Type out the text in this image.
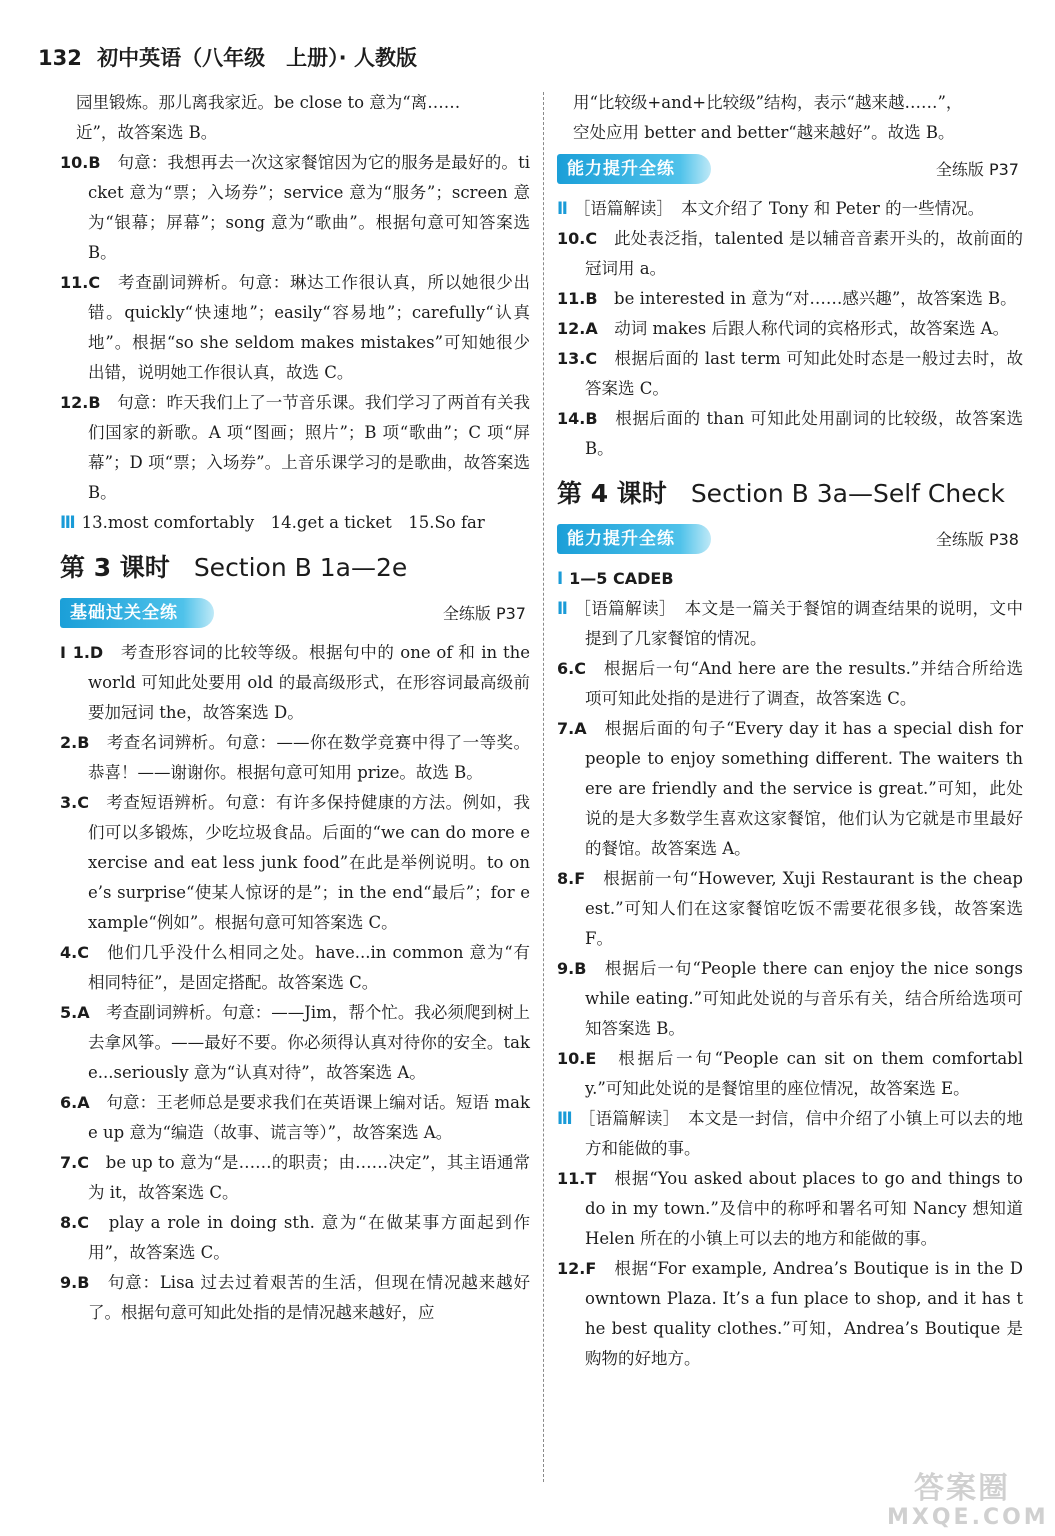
132 初中英语（八年级　上册）· 人教版

园里锻炼。那儿离我家近。be close to 意为“离……

近”，故答案选 B。

10.B　 句意：我想再去一次这家餐馆因为它的服务是最好的。ticket 意为“票；入场券”；service 意为“服务”；screen 意为“银幕；屏幕”；song 意为“歌曲”。根据句意可知答案选 B。

11.C　 考查副词辨析。句意：琳达工作很认真，所以她很少出错。quickly“快速地”；easily“容易地”；carefully“认真地”。根据“so she seldom makes mistakes”可知她很少出错，说明她工作很认真，故选 C。

12.B　 句意：昨天我们上了一节音乐课。我们学习了两首有关我们国家的新歌。A 项“图画；照片”；B 项“歌曲”；C 项“屏幕”；D 项“票；入场券”。上音乐课学习的是歌曲，故答案选 B。

Ⅲ 13.most comfortably　14.get a ticket　15.So far

第 3 课时 Section B 1a—2e
基础过关全练	全练版 P37

Ⅰ 1.D　 考查形容词的比较等级。根据句中的 one of 和 in the world 可知此处要用 old 的最高级形式，在形容词最高级前要加冠词 the，故答案选 D。

2.B　 考查名词辨析。句意：——你在数学竞赛中得了一等奖。恭喜！——谢谢你。根据句意可知用 prize。故选 B。

3.C　 考查短语辨析。句意：有许多保持健康的方法。例如，我们可以多锻炼，少吃垃圾食品。后面的“we can do more exercise and eat less junk food”在此是举例说明。to one’s surprise“使某人惊讶的是”；in the end“最后”；for example“例如”。根据句意可知答案选 C。

4.C　 他们几乎没什么相同之处。have...in common 意为“有相同特征”，是固定搭配。故答案选 C。

5.A　 考查副词辨析。句意：——Jim，帮个忙。我必须爬到树上去拿风筝。——最好不要。你必须得认真对待你的安全。take...seriously 意为“认真对待”，故答案选 A。

6.A　 句意：王老师总是要求我们在英语课上编对话。短语 make up 意为“编造（故事、谎言等）”，故答案选 A。

7.C　 be up to 意为“是……的职责；由……决定”，其主语通常为 it，故答案选 C。

8.C　 play a role in doing sth. 意为“在做某事方面起到作用”，故答案选 C。

9.B　 句意：Lisa 过去过着艰苦的生活，但现在情况越来越好了。根据句意可知此处指的是情况越来越好，应

用“比较级+and+比较级”结构，表示“越来越……”，

空处应用 better and better“越来越好”。故选 B。

能力提升全练	全练版 P37

Ⅱ ［语篇解读］　本文介绍了 Tony 和 Peter 的一些情况。

10.C　 此处表泛指，talented 是以辅音音素开头的，故前面的冠词用 a。

11.B　 be interested in 意为“对……感兴趣”，故答案选 B。

12.A　 动词 makes 后跟人称代词的宾格形式，故答案选 A。

13.C　 根据后面的 last term 可知此处时态是一般过去时，故答案选 C。

14.B　 根据后面的 than 可知此处用副词的比较级，故答案选 B。

第 4 课时 Section B 3a—Self Check
能力提升全练	全练版 P38

Ⅰ 1—5 CADEB

Ⅱ ［语篇解读］　本文是一篇关于餐馆的调查结果的说明，文中提到了几家餐馆的情况。

6.C　 根据后一句“And here are the results.”并结合所给选项可知此处指的是进行了调查，故答案选 C。

7.A　 根据后面的句子“Every day it has a special dish for people to enjoy something different. The waiters there are friendly and the service is great.”可知，此处说的是大多数学生喜欢这家餐馆，他们认为它就是市里最好的餐馆。故答案选 A。

8.F　 根据前一句“However, Xuji Restaurant is the cheapest.”可知人们在这家餐馆吃饭不需要花很多钱，故答案选 F。

9.B　 根据后一句“People there can enjoy the nice songs while eating.”可知此处说的与音乐有关，结合所给选项可知答案选 B。

10.E　 根据后一句“People can sit on them comfortably.”可知此处说的是餐馆里的座位情况，故答案选 E。

Ⅲ ［语篇解读］　本文是一封信，信中介绍了小镇上可以去的地方和能做的事。

11.T　 根据“You asked about places to go and things to do in my town.”及信中的称呼和署名可知 Nancy 想知道 Helen 所在的小镇上可以去的地方和能做的事。

12.F　 根据“For example, Andrea’s Boutique is in the Downtown Plaza. It’s a fun place to shop, and it has the best quality clothes.”可知，Andrea’s Boutique 是购物的好地方。

答案圈
MXQE.COM
